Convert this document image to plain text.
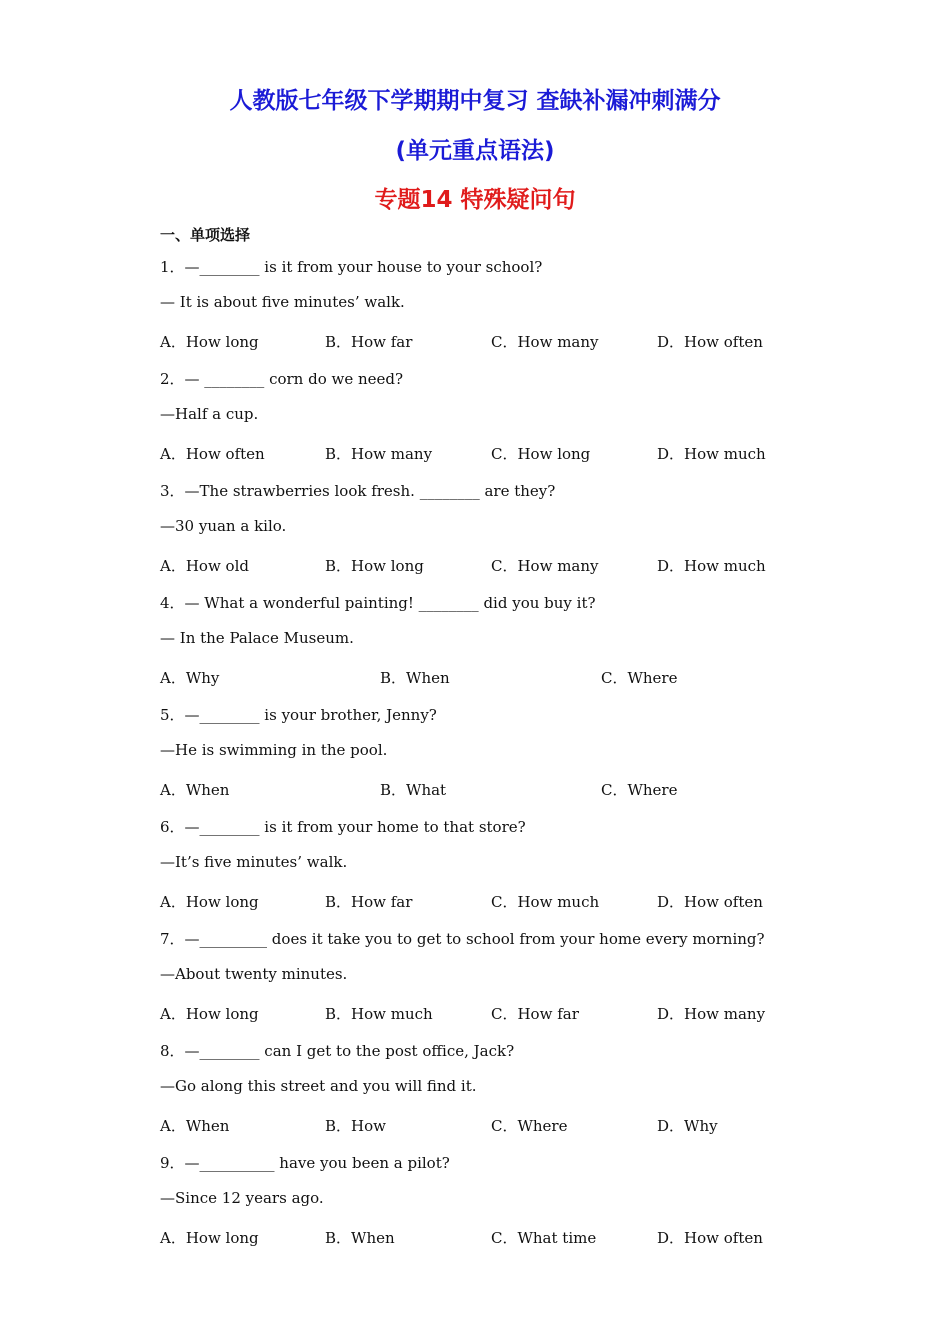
人教版七年级下学期期中复习 查缺补漏冲刺满分
(单元重点语法)
专题14 特殊疑问句
一、单项选择
1．—________ is it from your house to your school?
— It is about five minutes’ walk.
A．How long	B．How far	C．How many	D．How often
2．— ________ corn do we need?
—Half a cup.
A．How often	B．How many	C．How long	D．How much
3．—The strawberries look fresh. ________ are they?
—30 yuan a kilo.
A．How old	B．How long	C．How many	D．How much
4．— What a wonderful painting! ________ did you buy it?
— In the Palace Museum.
A．Why	B．When	C．Where
5．—________ is your brother, Jenny?
—He is swimming in the pool.
A．When	B．What	C．Where
6．—________ is it from your home to that store?
—It’s five minutes’ walk.
A．How long	B．How far	C．How much	D．How often
7．—_________ does it take you to get to school from your home every morning?
—About twenty minutes.
A．How long	B．How much	C．How far	D．How many
8．—________ can I get to the post office, Jack?
—Go along this street and you will find it.
A．When	B．How	C．Where	D．Why
9．—__________ have you been a pilot?
—Since 12 years ago.
A．How long	B．When	C．What time	D．How often
